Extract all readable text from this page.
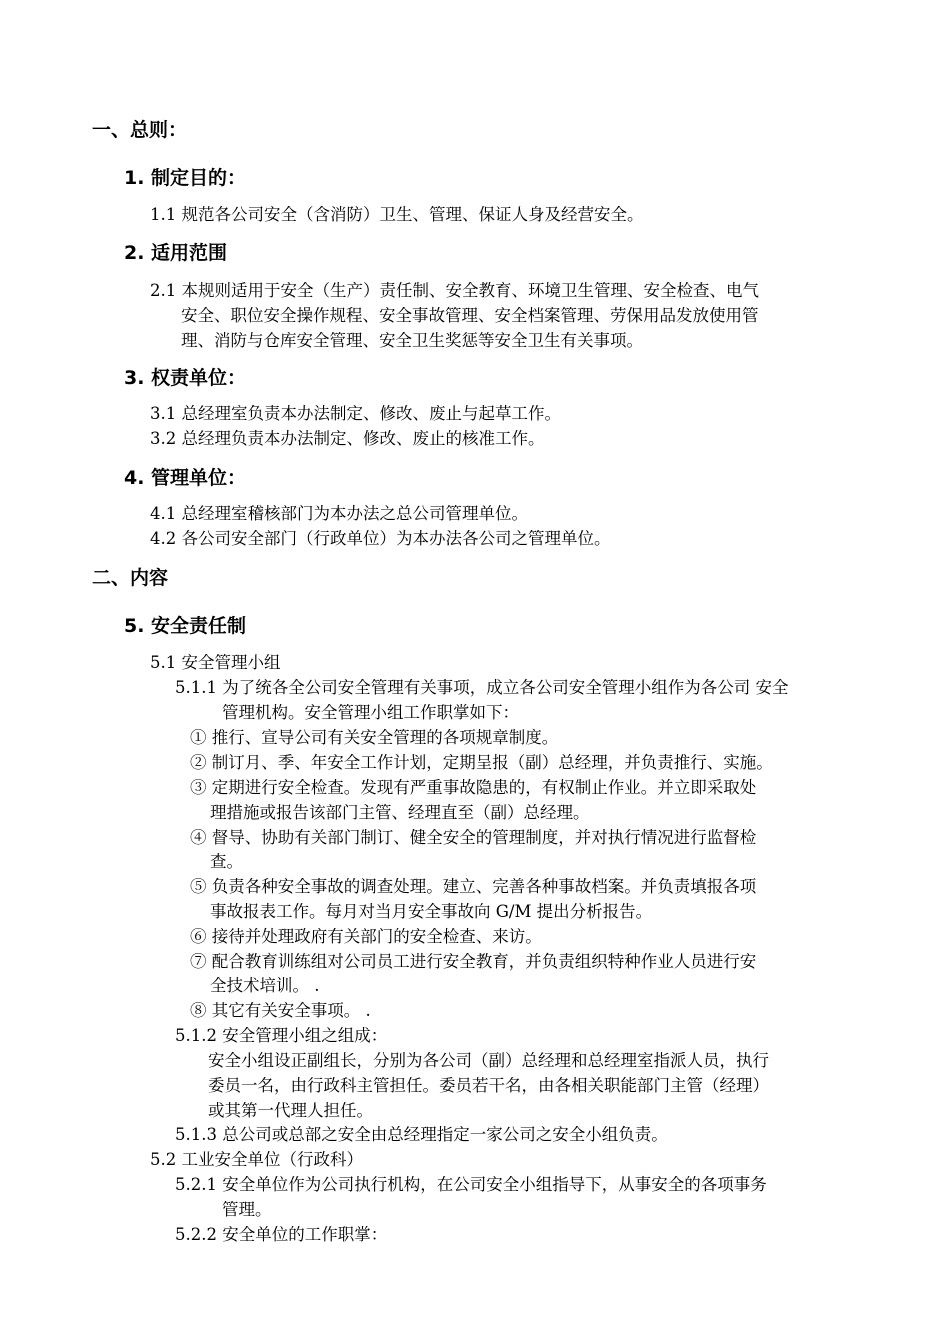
一、总则：
1. 制定目的：
1.1 规范各公司安全（含消防）卫生、管理、保证人身及经营安全。
2. 适用范围
2.1 本规则适用于安全（生产）责任制、安全教育、环境卫生管理、安全检查、电气
安全、职位安全操作规程、安全事故管理、安全档案管理、劳保用品发放使用管
理、消防与仓库安全管理、安全卫生奖惩等安全卫生有关事项。
3. 权责单位：
3.1 总经理室负责本办法制定、修改、废止与起草工作。
3.2 总经理负责本办法制定、修改、废止的核准工作。
4. 管理单位：
4.1 总经理室稽核部门为本办法之总公司管理单位。
4.2 各公司安全部门（行政单位）为本办法各公司之管理单位。
二、内容
5. 安全责任制
5.1 安全管理小组
5.1.1 为了统各全公司安全管理有关事项，成立各公司安全管理小组作为各公司 安全
管理机构。安全管理小组工作职掌如下：
① 推行、宣导公司有关安全管理的各项规章制度。
② 制订月、季、年安全工作计划，定期呈报（副）总经理，并负责推行、实施。
③ 定期进行安全检查。发现有严重事故隐患的，有权制止作业。并立即采取处
理措施或报告该部门主管、经理直至（副）总经理。
④ 督导、协助有关部门制订、健全安全的管理制度，并对执行情况进行监督检
查。
⑤ 负责各种安全事故的调查处理。建立、完善各种事故档案。并负责填报各项
事故报表工作。每月对当月安全事故向 G/M 提出分析报告。
⑥ 接待并处理政府有关部门的安全检查、来访。
⑦ 配合教育训练组对公司员工进行安全教育，并负责组织特种作业人员进行安
全技术培训。 .
⑧ 其它有关安全事项。 .
5.1.2 安全管理小组之组成：
安全小组设正副组长，分别为各公司（副）总经理和总经理室指派人员，执行
委员一名，由行政科主管担任。委员若干名，由各相关职能部门主管（经理）
或其第一代理人担任。
5.1.3 总公司或总部之安全由总经理指定一家公司之安全小组负责。
5.2 工业安全单位（行政科）
5.2.1 安全单位作为公司执行机构，在公司安全小组指导下，从事安全的各项事务
管理。
5.2.2 安全单位的工作职掌：
